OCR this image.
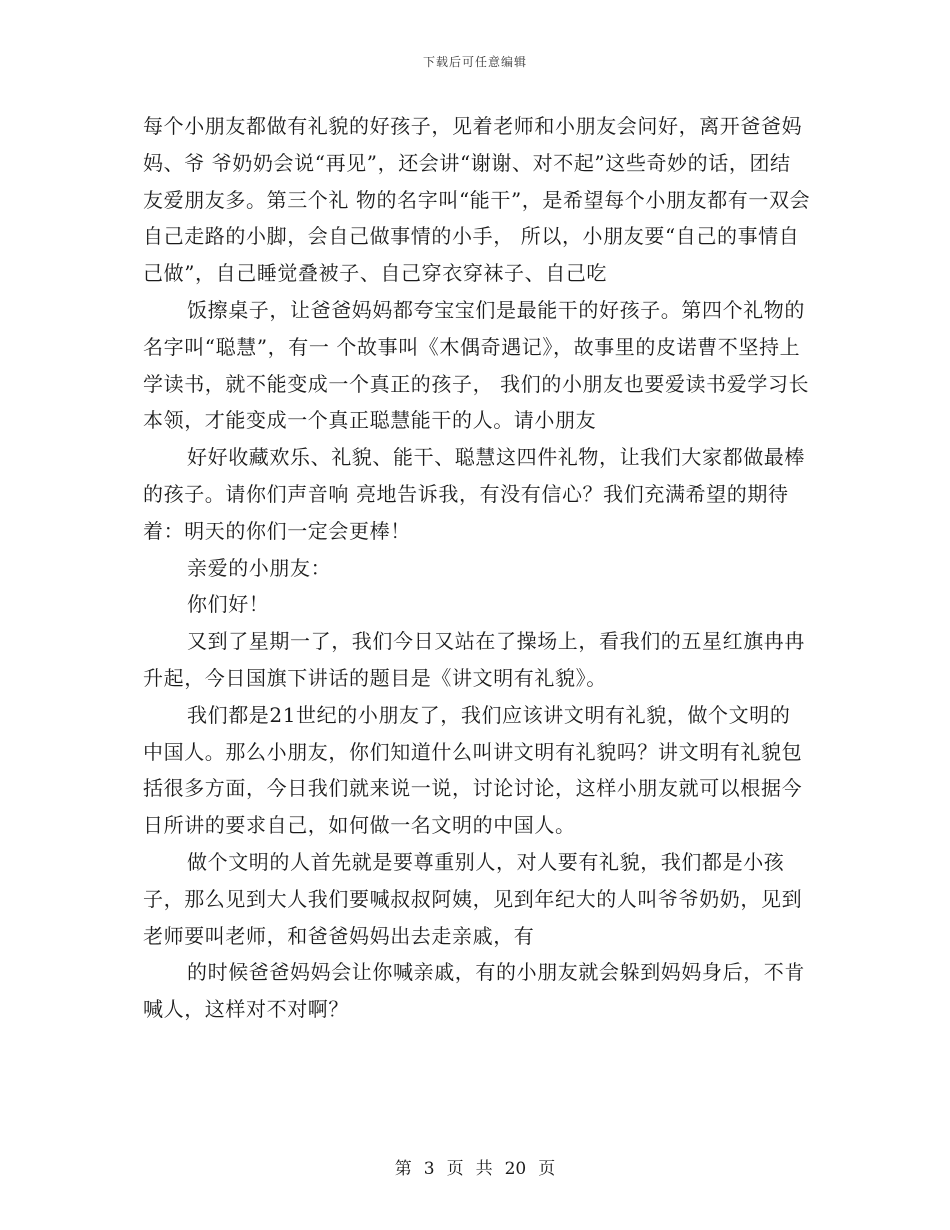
下载后可任意编辑

每个小朋友都做有礼貌的好孩子，见着老师和小朋友会问好，离开爸爸妈妈、爷 爷奶奶会说“再见”，还会讲“谢谢、对不起”这些奇妙的话，团结友爱朋友多。第三个礼 物的名字叫“能干”，是希望每个小朋友都有一双会自己走路的小脚，会自己做事情的小手， 所以，小朋友要“自己的事情自己做”，自己睡觉叠被子、自己穿衣穿袜子、自己吃

饭擦桌子，让爸爸妈妈都夸宝宝们是最能干的好孩子。第四个礼物的名字叫“聪慧”，有一 个故事叫《木偶奇遇记》，故事里的皮诺曹不坚持上学读书，就不能变成一个真正的孩子， 我们的小朋友也要爱读书爱学习长本领，才能变成一个真正聪慧能干的人。请小朋友

好好收藏欢乐、礼貌、能干、聪慧这四件礼物，让我们大家都做最棒的孩子。请你们声音响 亮地告诉我，有没有信心？我们充满希望的期待着：明天的你们一定会更棒！

亲爱的小朋友：

你们好！

又到了星期一了，我们今日又站在了操场上，看我们的五星红旗冉冉升起，今日国旗下讲话的题目是《讲文明有礼貌》。

我们都是21世纪的小朋友了，我们应该讲文明有礼貌，做个文明的中国人。那么小朋友，你们知道什么叫讲文明有礼貌吗？讲文明有礼貌包括很多方面，今日我们就来说一说，讨论讨论，这样小朋友就可以根据今日所讲的要求自己，如何做一名文明的中国人。

做个文明的人首先就是要尊重别人，对人要有礼貌，我们都是小孩子，那么见到大人我们要喊叔叔阿姨，见到年纪大的人叫爷爷奶奶，见到老师要叫老师，和爸爸妈妈出去走亲戚，有

的时候爸爸妈妈会让你喊亲戚，有的小朋友就会躲到妈妈身后，不肯喊人，这样对不对啊？

第 3 页 共 20 页
